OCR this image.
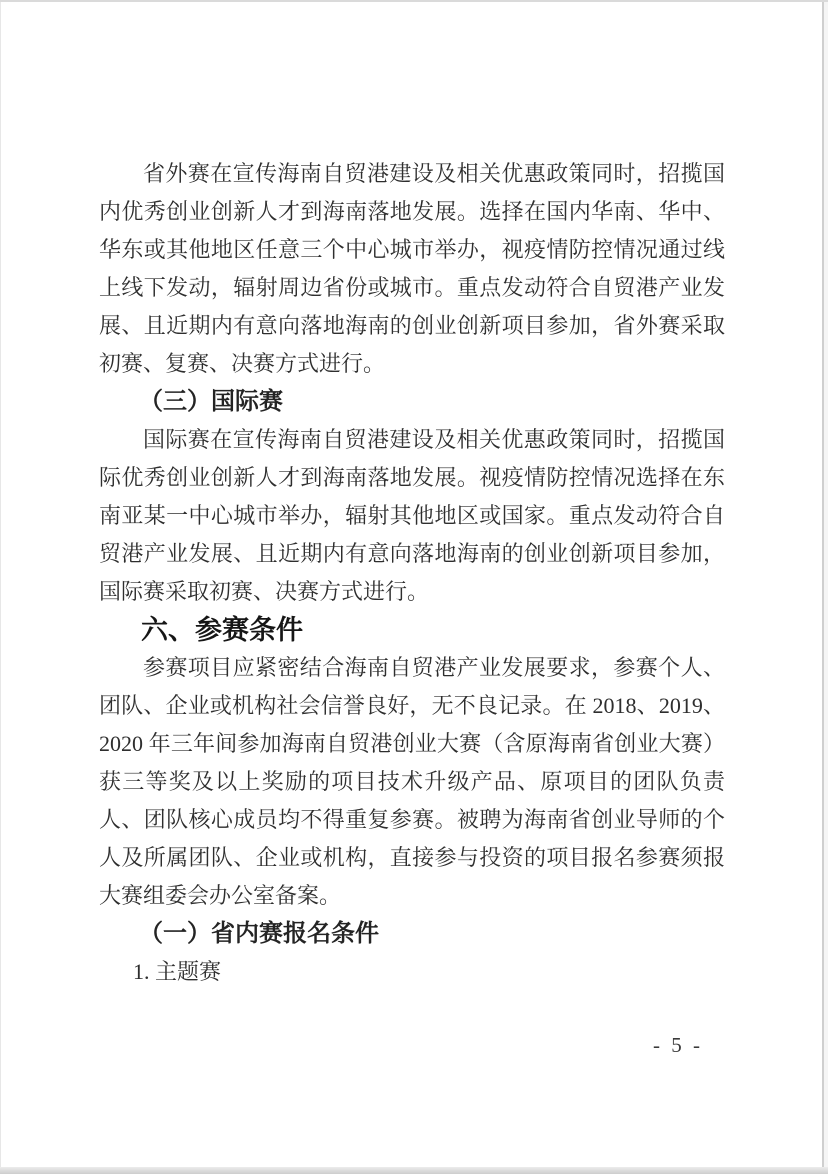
省外赛在宣传海南自贸港建设及相关优惠政策同时，招揽国内优秀创业创新人才到海南落地发展。选择在国内华南、华中、华东或其他地区任意三个中心城市举办，视疫情防控情况通过线上线下发动，辐射周边省份或城市。重点发动符合自贸港产业发展、且近期内有意向落地海南的创业创新项目参加，省外赛采取初赛、复赛、决赛方式进行。

（三）国际赛

国际赛在宣传海南自贸港建设及相关优惠政策同时，招揽国际优秀创业创新人才到海南落地发展。视疫情防控情况选择在东南亚某一中心城市举办，辐射其他地区或国家。重点发动符合自贸港产业发展、且近期内有意向落地海南的创业创新项目参加，国际赛采取初赛、决赛方式进行。

六、参赛条件

参赛项目应紧密结合海南自贸港产业发展要求，参赛个人、团队、企业或机构社会信誉良好，无不良记录。在 2018、2019、2020 年三年间参加海南自贸港创业大赛（含原海南省创业大赛）获三等奖及以上奖励的项目技术升级产品、原项目的团队负责人、团队核心成员均不得重复参赛。被聘为海南省创业导师的个人及所属团队、企业或机构，直接参与投资的项目报名参赛须报大赛组委会办公室备案。

（一）省内赛报名条件

1. 主题赛

- 5 -
